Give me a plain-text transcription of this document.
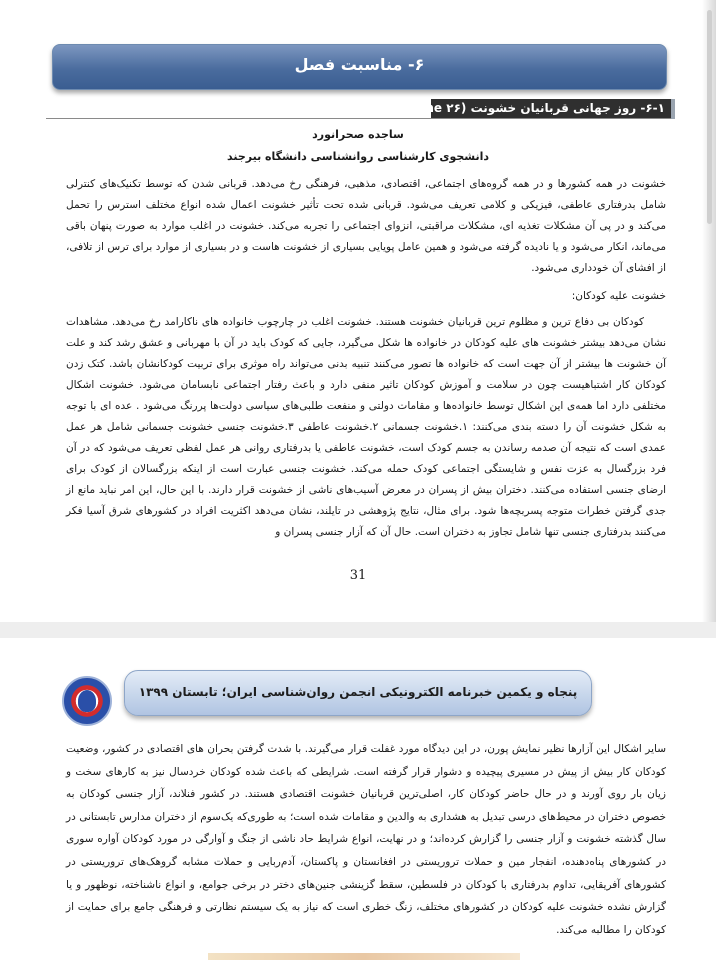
۶- مناسبت فصل
۶-۱- روز جهانی قربانیان خشونت (۲۶ June)
ساجده صحرانورد
دانشجوی کارشناسی روانشناسی دانشگاه بیرجند

خشونت در همه کشورها و در همه گروه‌های اجتماعی، اقتصادی، مذهبی، فرهنگی رخ می‌دهد. قربانی شدن که توسط تکنیک‌های کنترلی شامل بدرفتاری عاطفی، فیزیکی و کلامی تعریف می‌شود. قربانی شده تحت تأثیر خشونت اعمال شده انواع مختلف استرس را تحمل می‌کند و در پی آن مشکلات تغذیه ای، مشکلات مراقبتی، انزوای اجتماعی را تجربه می‌کند. خشونت در اغلب موارد به صورت پنهان باقی می‌ماند، انکار می‌شود و یا نادیده گرفته می‌شود و همین عامل پویایی بسیاری از خشونت هاست و در بسیاری از موارد برای ترس از تلافی، از افشای آن خودداری می‌شود.

خشونت علیه کودکان:

کودکان بی دفاع ترین و مظلوم ترین قربانیان خشونت هستند. خشونت اغلب در چارچوب خانواده های ناکارامد رخ می‌دهد. مشاهدات نشان می‌دهد بیشتر خشونت های علیه کودکان در خانواده ها شکل می‌گیرد، جایی که کودک باید در آن با مهربانی و عشق رشد کند و علت آن خشونت ها بیشتر از آن جهت است که خانواده ها تصور می‌کنند تنبیه بدنی می‌تواند راه موثری برای تربیت کودکانشان باشد. کتک زدن کودکان کار اشتباهیست چون در سلامت و آموزش کودکان تاثیر منفی دارد و باعث رفتار اجتماعی نابسامان می‌شود. خشونت اشکال مختلفی دارد اما همه‌ی این اشکال توسط خانواده‌ها و مقامات دولتی و منفعت طلبی‌های سیاسی دولت‌ها پررنگ می‌شود . عده ای با توجه به شکل خشونت آن را دسته بندی می‌کنند: ۱.خشونت جسمانی ۲.خشونت عاطفی ۳.خشونت جنسی خشونت جسمانی شامل هر عمل عمدی است که نتیجه آن صدمه رساندن به جسم کودک است، خشونت عاطفی یا بدرفتاری روانی هر عمل لفظی تعریف می‌شود که در آن فرد بزرگسال به عزت نفس و شایستگی اجتماعی کودک حمله می‌کند. خشونت جنسی عبارت است از اینکه بزرگسالان از کودک برای ارضای جنسی استفاده می‌کنند. دختران بیش از پسران در معرض آسیب‌های ناشی از خشونت قرار دارند. با این حال، این امر نباید مانع از جدی گرفتن خطرات متوجه پسربچه‌ها شود. برای مثال، نتایج پژوهشی در تایلند، نشان می‌دهد اکثریت افراد در کشورهای شرق آسیا فکر می‌کنند بدرفتاری جنسی تنها شامل تجاوز به دختران است. حال آن که آزار جنسی پسران و

31
پنجاه و یکمین خبرنامه الکترونیکی انجمن روان‌شناسی ایران؛ تابستان ۱۳۹۹

سایر اشکال این آزارها نظیر نمایش پورن، در این دیدگاه مورد غفلت قرار می‌گیرند. با شدت گرفتن بحران های اقتصادی در کشور، وضعیت کودکان کار بیش از پیش در مسیری پیچیده و دشوار قرار گرفته است. شرایطی که باعث شده کودکان خردسال نیز به کارهای سخت و زیان بار روی آورند و در حال حاضر کودکان کار، اصلی‌ترین قربانیان خشونت اقتصادی هستند. در کشور فنلاند، آزار جنسی کودکان به خصوص دختران در محیط‌های درسی تبدیل به هشداری به والدین و مقامات شده است؛ به طوری‌که یک‌سوم از دختران مدارس تابستانی در سال گذشته خشونت و آزار جنسی را گزارش کرده‌اند؛ و در نهایت، انواع شرایط حاد ناشی از جنگ و آوارگی در مورد کودکان آواره سوری در کشورهای پناه‌دهنده، انفجار مین و حملات تروریستی در افغانستان و پاکستان، آدم‌ربایی و حملات مشابه گروهک‌های تروریستی در کشورهای آفریقایی، تداوم بدرفتاری با کودکان در فلسطین، سقط گزینشی جنین‌های دختر در برخی جوامع، و انواع ناشناخته، نوظهور و یا گزارش نشده خشونت علیه کودکان در کشورهای مختلف، زنگ خطری است که نیاز به یک سیستم نظارتی و فرهنگی جامع برای حمایت از کودکان را مطالبه می‌کند.
